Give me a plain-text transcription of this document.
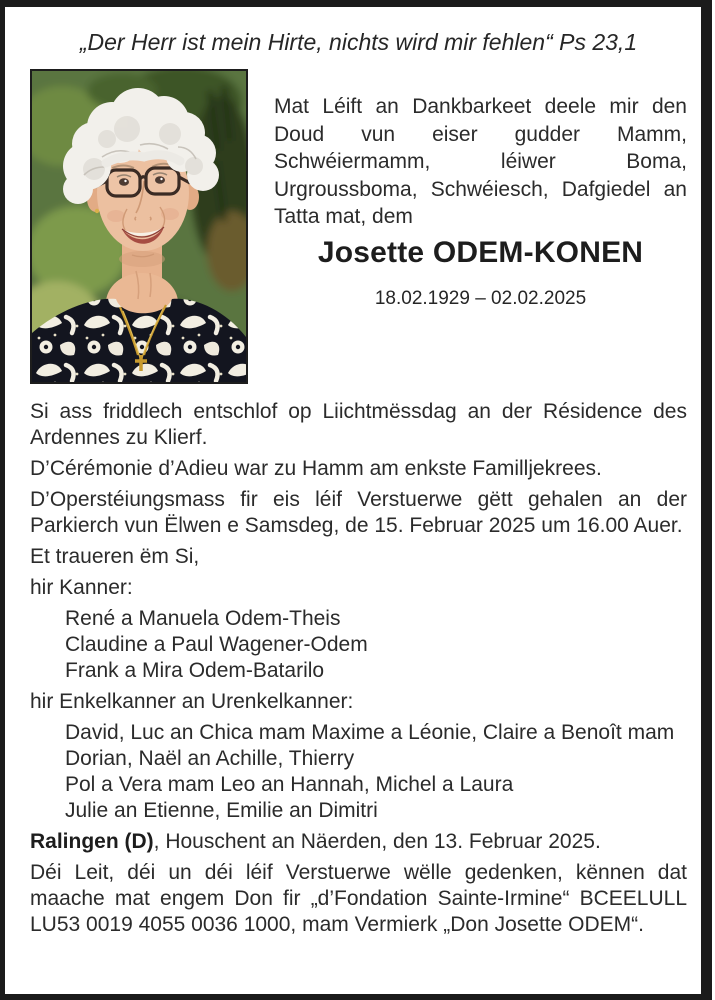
„Der Herr ist mein Hirte, nichts wird mir fehlen“ Ps 23,1

Mat Léift an Dankbarkeet deele mir den Doud vun eiser gudder Mamm, Schwéiermamm, léiwer Boma, Urgroussboma, Schwéiesch, Dafgiedel an Tatta mat, dem

Josette ODEM-KONEN
18.02.1929 – 02.02.2025

Si ass friddlech entschlof op Liichtmëssdag an der Résidence des Ardennes zu Klierf.

D’Cérémonie d’Adieu war zu Hamm am enkste Familljekrees.

D’Operstéiungsmass fir eis léif Verstuerwe gëtt gehalen an der Parkierch vun Ëlwen e Samsdeg, de 15. Februar 2025 um 16.00 Auer.

Et traueren ëm Si,

hir Kanner:

René a Manuela Odem-Theis
Claudine a Paul Wagener-Odem
Frank a Mira Odem-Batarilo

hir Enkelkanner an Urenkelkanner:

David, Luc an Chica mam Maxime a Léonie, Claire a Benoît mam Dorian, Naël an Achille, Thierry
Pol a Vera mam Leo an Hannah, Michel a Laura
Julie an Etienne, Emilie an Dimitri

Ralingen (D), Houschent an Näerden, den 13. Februar 2025.

Déi Leit, déi un déi léif Verstuerwe wëlle gedenken, kënnen dat maache mat engem Don fir „d’Fondation Sainte-Irmine“ BCEELULL LU53 0019 4055 0036 1000, mam Vermierk „Don Josette ODEM“.
